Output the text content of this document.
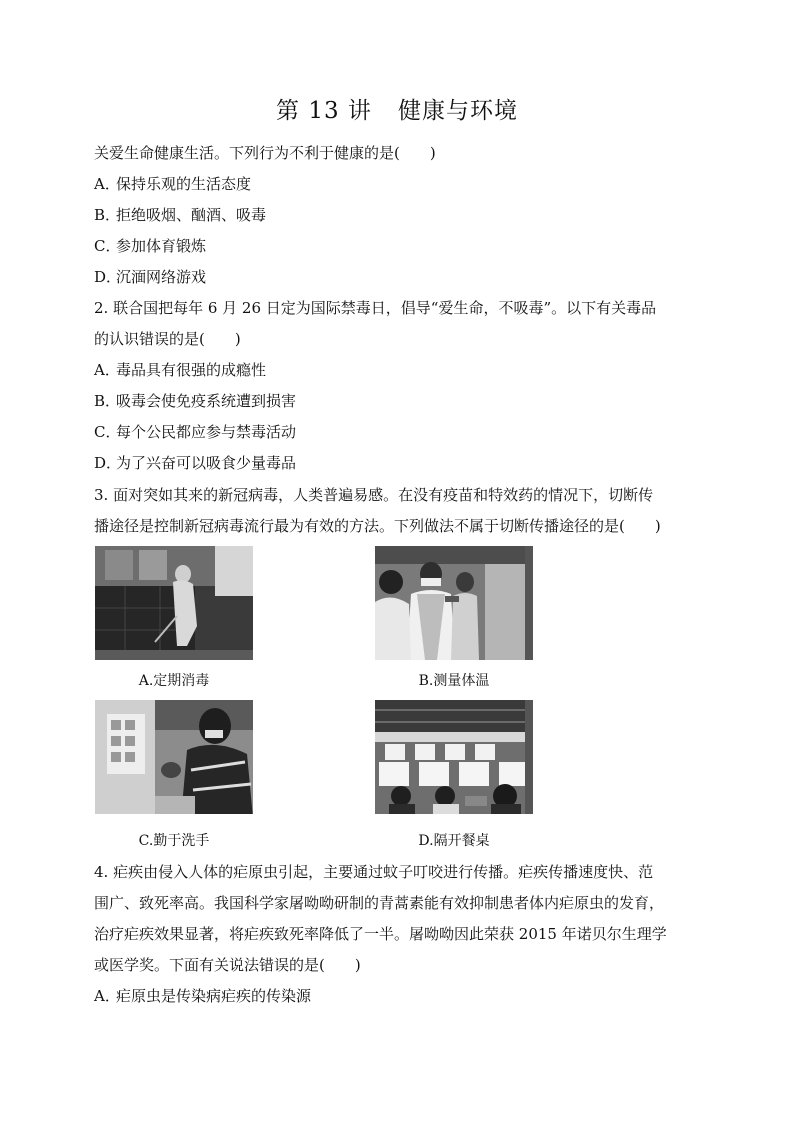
第 13 讲 健康与环境
关爱生命健康生活。下列行为不利于健康的是(　　)
A．保持乐观的生活态度
B．拒绝吸烟、酗酒、吸毒
C．参加体育锻炼
D．沉湎网络游戏
2. 联合国把每年 6 月 26 日定为国际禁毒日，倡导“爱生命，不吸毒”。以下有关毒品
的认识错误的是(　　)
A．毒品具有很强的成瘾性
B．吸毒会使免疫系统遭到损害
C．每个公民都应参与禁毒活动
D．为了兴奋可以吸食少量毒品
3. 面对突如其来的新冠病毒，人类普遍易感。在没有疫苗和特效药的情况下，切断传
播途径是控制新冠病毒流行最为有效的方法。下列做法不属于切断传播途径的是(　　)
A.定期消毒	B.测量体温
C.勤于洗手	D.隔开餐桌
4. 疟疾由侵入人体的疟原虫引起，主要通过蚊子叮咬进行传播。疟疾传播速度快、范
围广、致死率高。我国科学家屠呦呦研制的青蒿素能有效抑制患者体内疟原虫的发育，
治疗疟疾效果显著，将疟疾致死率降低了一半。屠呦呦因此荣获 2015 年诺贝尔生理学
或医学奖。下面有关说法错误的是(　　)
A．疟原虫是传染病疟疾的传染源
